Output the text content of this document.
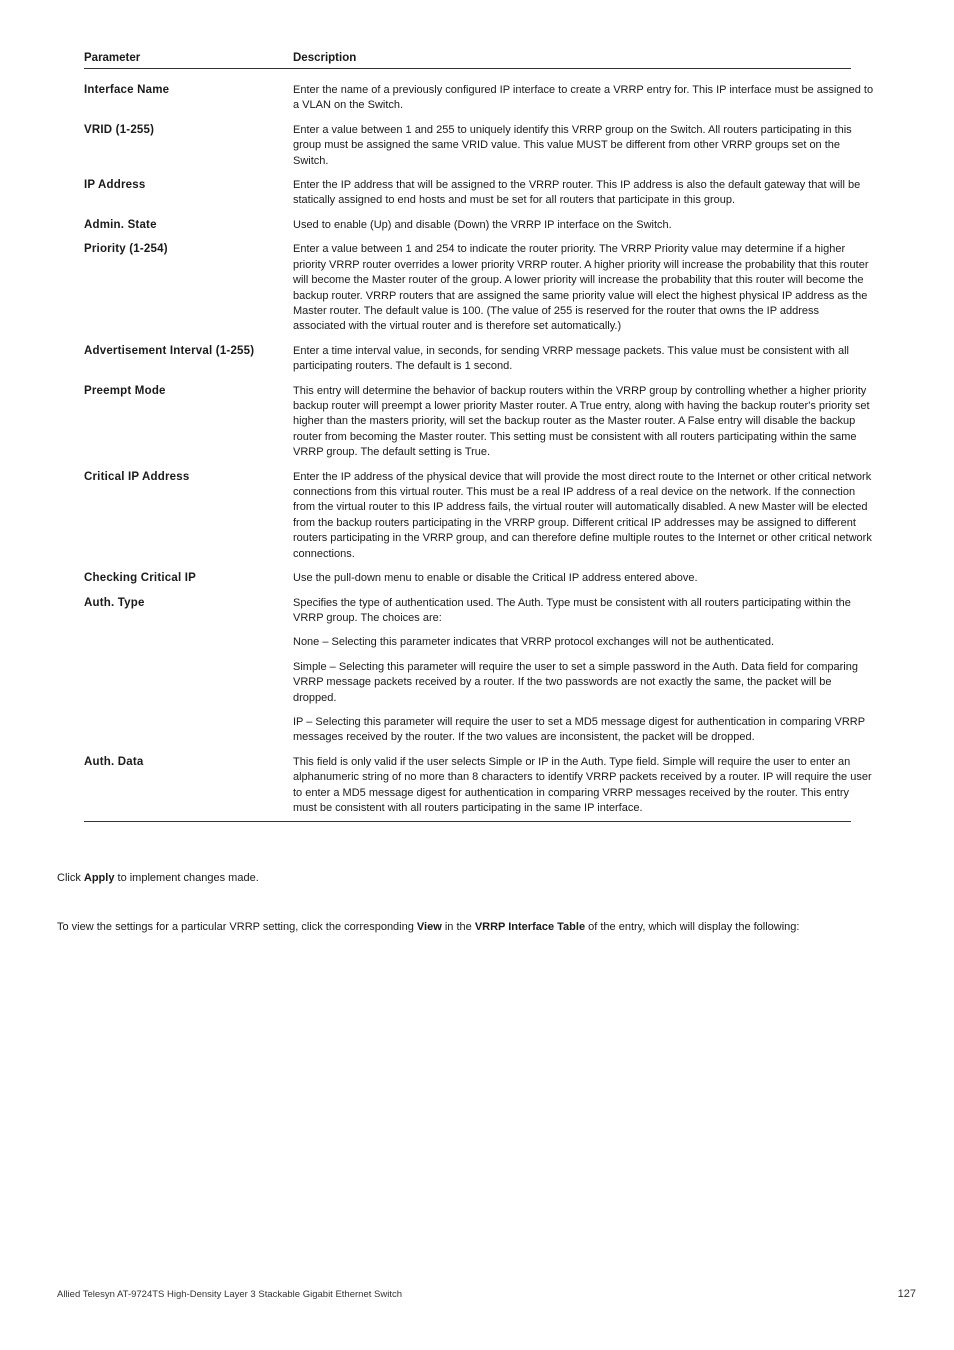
Parameter	Description
Interface Name	Enter the name of a previously configured IP interface to create a VRRP entry for. This IP interface must be assigned to a VLAN on the Switch.

VRID (1-255)	Enter a value between 1 and 255 to uniquely identify this VRRP group on the Switch. All routers participating in this group must be assigned the same VRID value. This value MUST be different from other VRRP groups set on the Switch.

IP Address	Enter the IP address that will be assigned to the VRRP router. This IP address is also the default gateway that will be statically assigned to end hosts and must be set for all routers that participate in this group.

Admin. State	Used to enable (Up) and disable (Down) the VRRP IP interface on the Switch.

Priority (1-254)	Enter a value between 1 and 254 to indicate the router priority. The VRRP Priority value may determine if a higher priority VRRP router overrides a lower priority VRRP router. A higher priority will increase the probability that this router will become the Master router of the group. A lower priority will increase the probability that this router will become the backup router. VRRP routers that are assigned the same priority value will elect the highest physical IP address as the Master router. The default value is 100. (The value of 255 is reserved for the router that owns the IP address associated with the virtual router and is therefore set automatically.)

Advertisement Interval (1-255)	Enter a time interval value, in seconds, for sending VRRP message packets. This value must be consistent with all participating routers. The default is 1 second.

Preempt Mode	This entry will determine the behavior of backup routers within the VRRP group by controlling whether a higher priority backup router will preempt a lower priority Master router. A True entry, along with having the backup router's priority set higher than the masters priority, will set the backup router as the Master router. A False entry will disable the backup router from becoming the Master router. This setting must be consistent with all routers participating within the same VRRP group. The default setting is True.

Critical IP Address	Enter the IP address of the physical device that will provide the most direct route to the Internet or other critical network connections from this virtual router. This must be a real IP address of a real device on the network. If the connection from the virtual router to this IP address fails, the virtual router will automatically disabled. A new Master will be elected from the backup routers participating in the VRRP group. Different critical IP addresses may be assigned to different routers participating in the VRRP group, and can therefore define multiple routes to the Internet or other critical network connections.

Checking Critical IP	Use the pull-down menu to enable or disable the Critical IP address entered above.

Auth. Type	Specifies the type of authentication used. The Auth. Type must be consistent with all routers participating within the VRRP group. The choices are:

None – Selecting this parameter indicates that VRRP protocol exchanges will not be authenticated.

Simple – Selecting this parameter will require the user to set a simple password in the Auth. Data field for comparing VRRP message packets received by a router. If the two passwords are not exactly the same, the packet will be dropped.

IP – Selecting this parameter will require the user to set a MD5 message digest for authentication in comparing VRRP messages received by the router. If the two values are inconsistent, the packet will be dropped.

Auth. Data	This field is only valid if the user selects Simple or IP in the Auth. Type field. Simple will require the user to enter an alphanumeric string of no more than 8 characters to identify VRRP packets received by a router. IP will require the user to enter a MD5 message digest for authentication in comparing VRRP messages received by the router. This entry must be consistent with all routers participating in the same IP interface.

Click Apply to implement changes made.
To view the settings for a particular VRRP setting, click the corresponding View in the VRRP Interface Table of the entry, which will display the following:
Allied Telesyn AT-9724TS High-Density Layer 3 Stackable Gigabit Ethernet Switch	127
